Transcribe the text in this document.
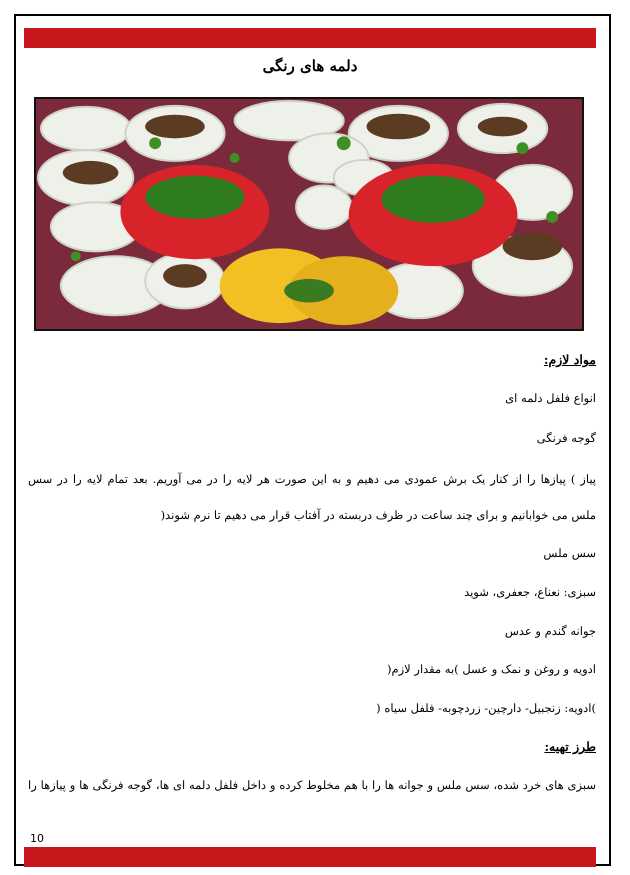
دلمه های رنگی
مواد لازم:
انواع فلفل دلمه ای
گوجه فرنگی
پیاز ) پیازها را از کنار یک برش عمودی می دهیم و به این صورت هر لایه را در می آوریم. بعد تمام لایه را در سس
ملس می خوابانیم و برای چند ساعت در ظرف دربسته در آفتاب قرار می دهیم تا نرم شوند(
سس ملس
سبزی: نعناع، جعفری، شوید
جوانه گندم و عدس
ادویه و روغن و نمک و عسل )به مقدار لازم(
)ادویه: زنجبیل- دارچین- زردچوبه- فلفل سیاه (
طرز تهیه:
سبزی های خرد شده، سس ملس و جوانه ها را با هم مخلوط کرده و داخل فلفل دلمه ای ها، گوجه فرنگی ها و پیازها را
10
